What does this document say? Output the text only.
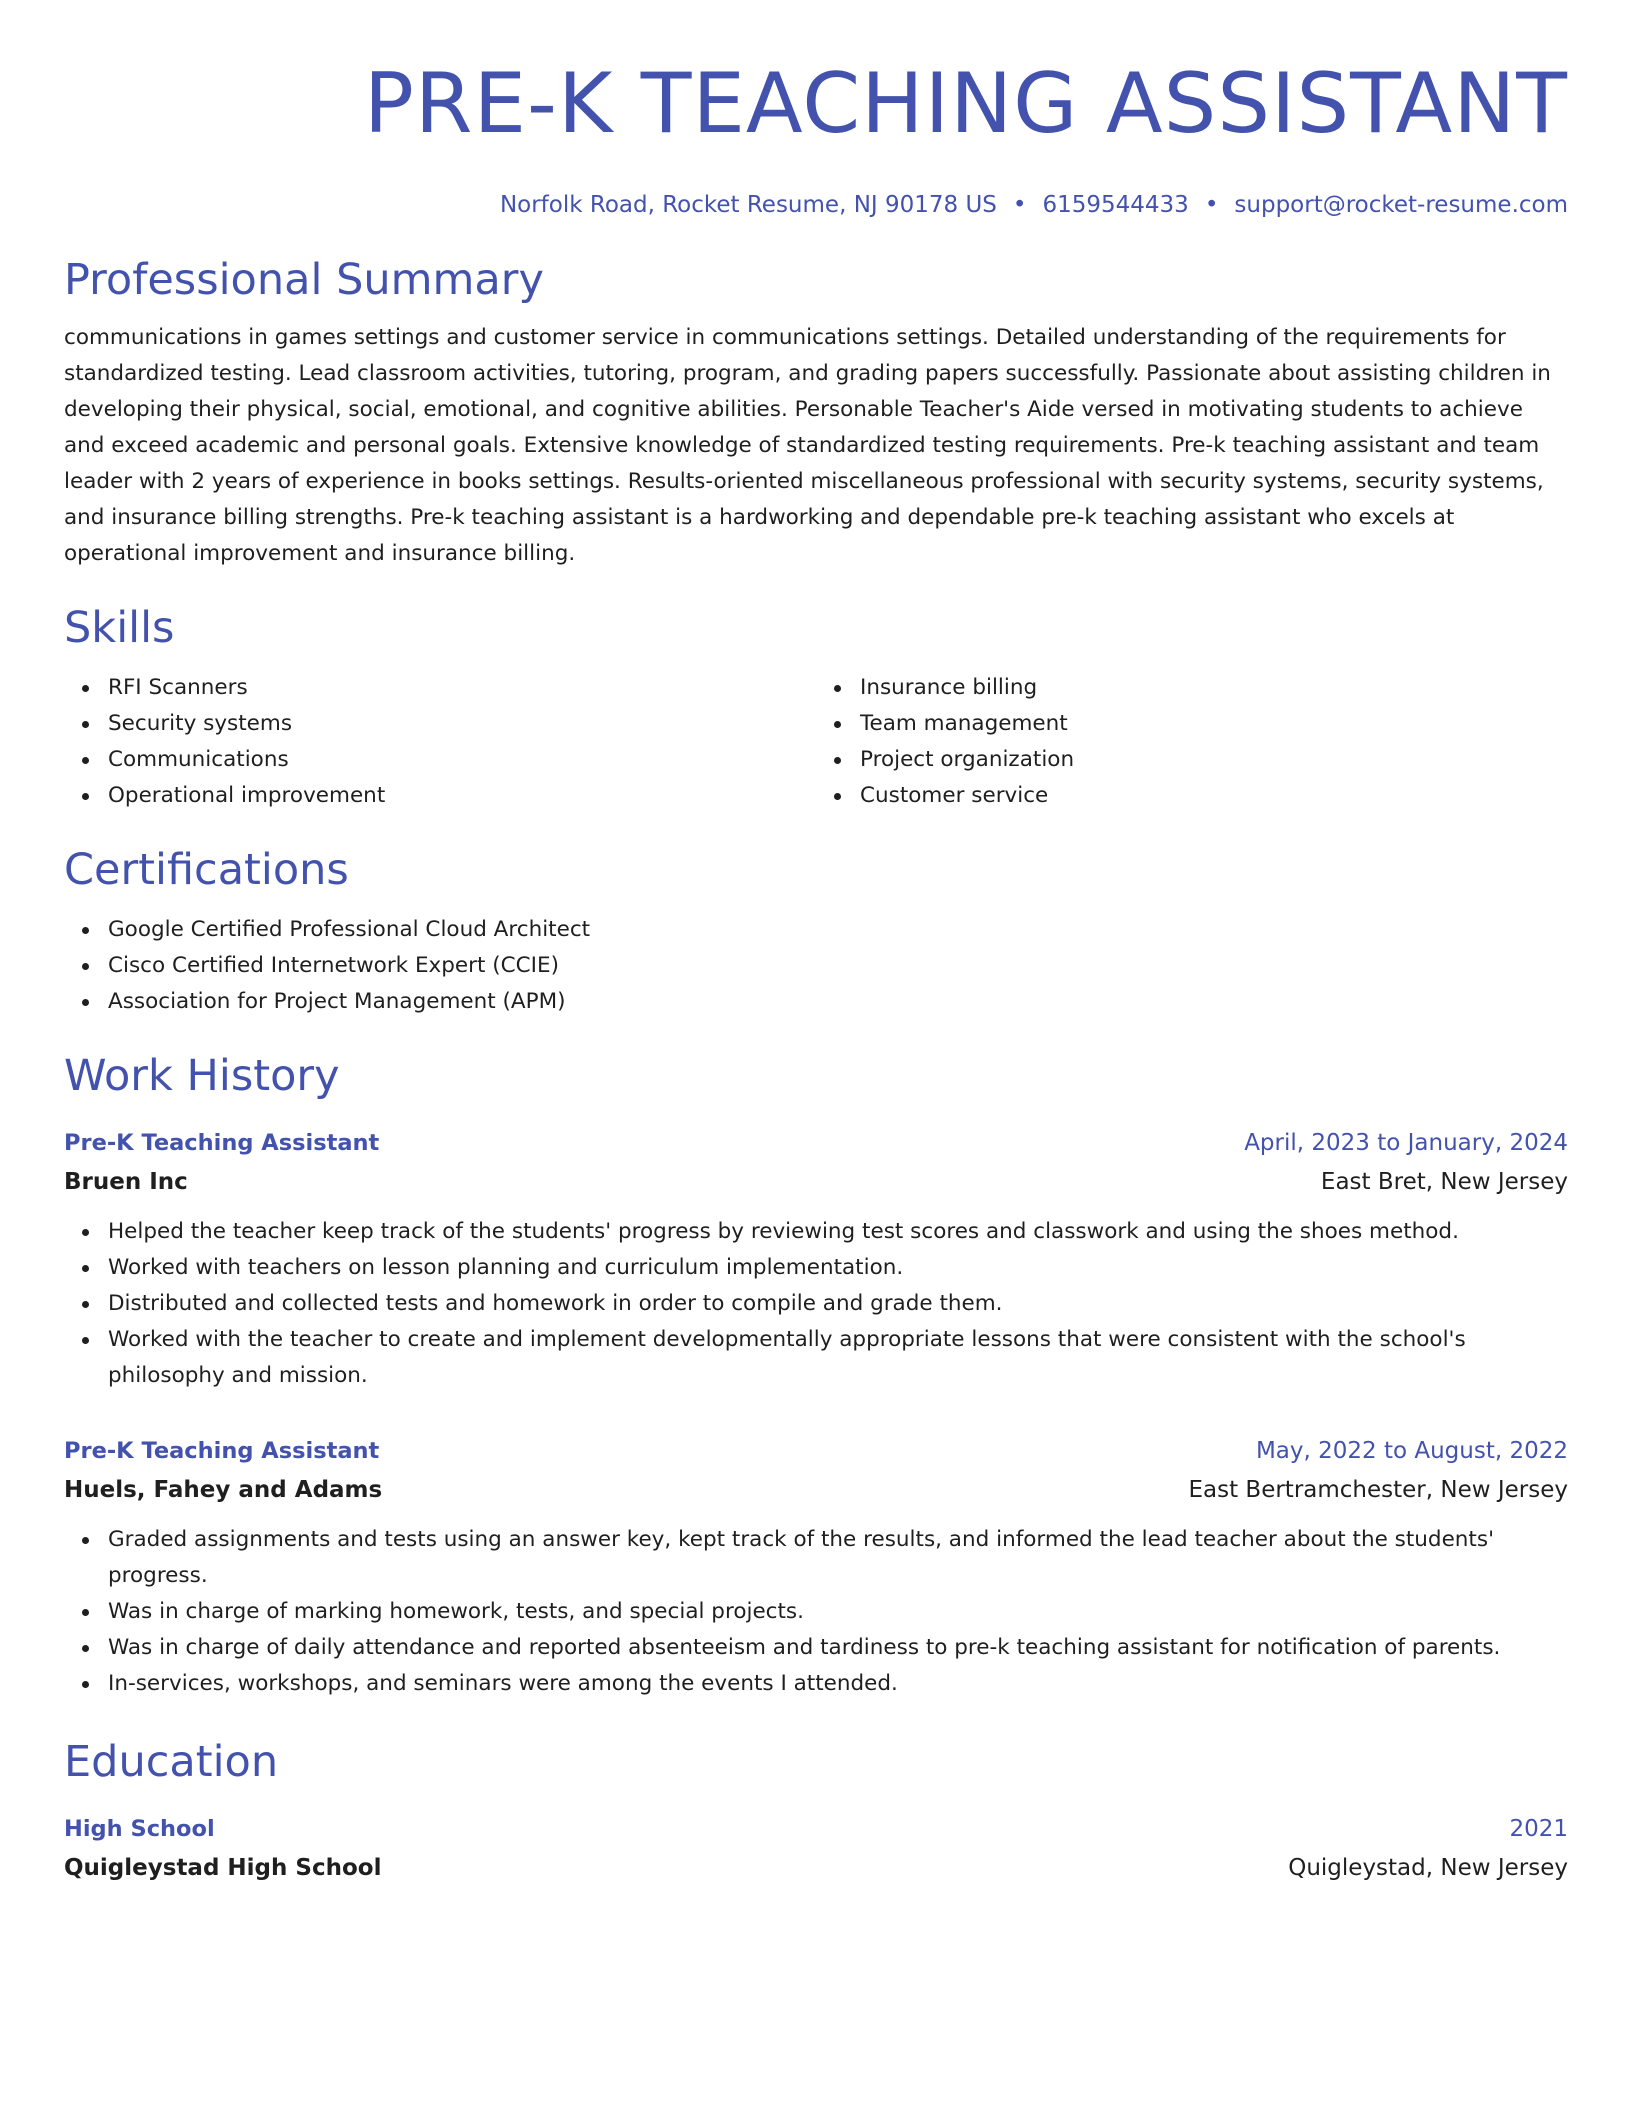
PRE-K TEACHING ASSISTANT
Norfolk Road, Rocket Resume, NJ 90178 US • 6159544433 • support@rocket-resume.com
Professional Summary
communications in games settings and customer service in communications settings. Detailed understanding of the requirements for standardized testing. Lead classroom activities, tutoring, program, and grading papers successfully. Passionate about assisting children in developing their physical, social, emotional, and cognitive abilities. Personable Teacher's Aide versed in motivating students to achieve and exceed academic and personal goals. Extensive knowledge of standardized testing requirements. Pre-k teaching assistant and team leader with 2 years of experience in books settings. Results-oriented miscellaneous professional with security systems, security systems, and insurance billing strengths. Pre-k teaching assistant is a hardworking and dependable pre-k teaching assistant who excels at operational improvement and insurance billing.
Skills
RFI Scanners
Security systems
Communications
Operational improvement
Insurance billing
Team management
Project organization
Customer service
Certifications
Google Certified Professional Cloud Architect
Cisco Certified Internetwork Expert (CCIE)
Association for Project Management (APM)
Work History
Pre-K Teaching Assistant	April, 2023 to January, 2024
Bruen Inc	East Bret, New Jersey
Helped the teacher keep track of the students' progress by reviewing test scores and classwork and using the shoes method.
Worked with teachers on lesson planning and curriculum implementation.
Distributed and collected tests and homework in order to compile and grade them.
Worked with the teacher to create and implement developmentally appropriate lessons that were consistent with the school's philosophy and mission.
Pre-K Teaching Assistant	May, 2022 to August, 2022
Huels, Fahey and Adams	East Bertramchester, New Jersey
Graded assignments and tests using an answer key, kept track of the results, and informed the lead teacher about the students' progress.
Was in charge of marking homework, tests, and special projects.
Was in charge of daily attendance and reported absenteeism and tardiness to pre-k teaching assistant for notification of parents.
In-services, workshops, and seminars were among the events I attended.
Education
High School	2021
Quigleystad High School	Quigleystad, New Jersey
